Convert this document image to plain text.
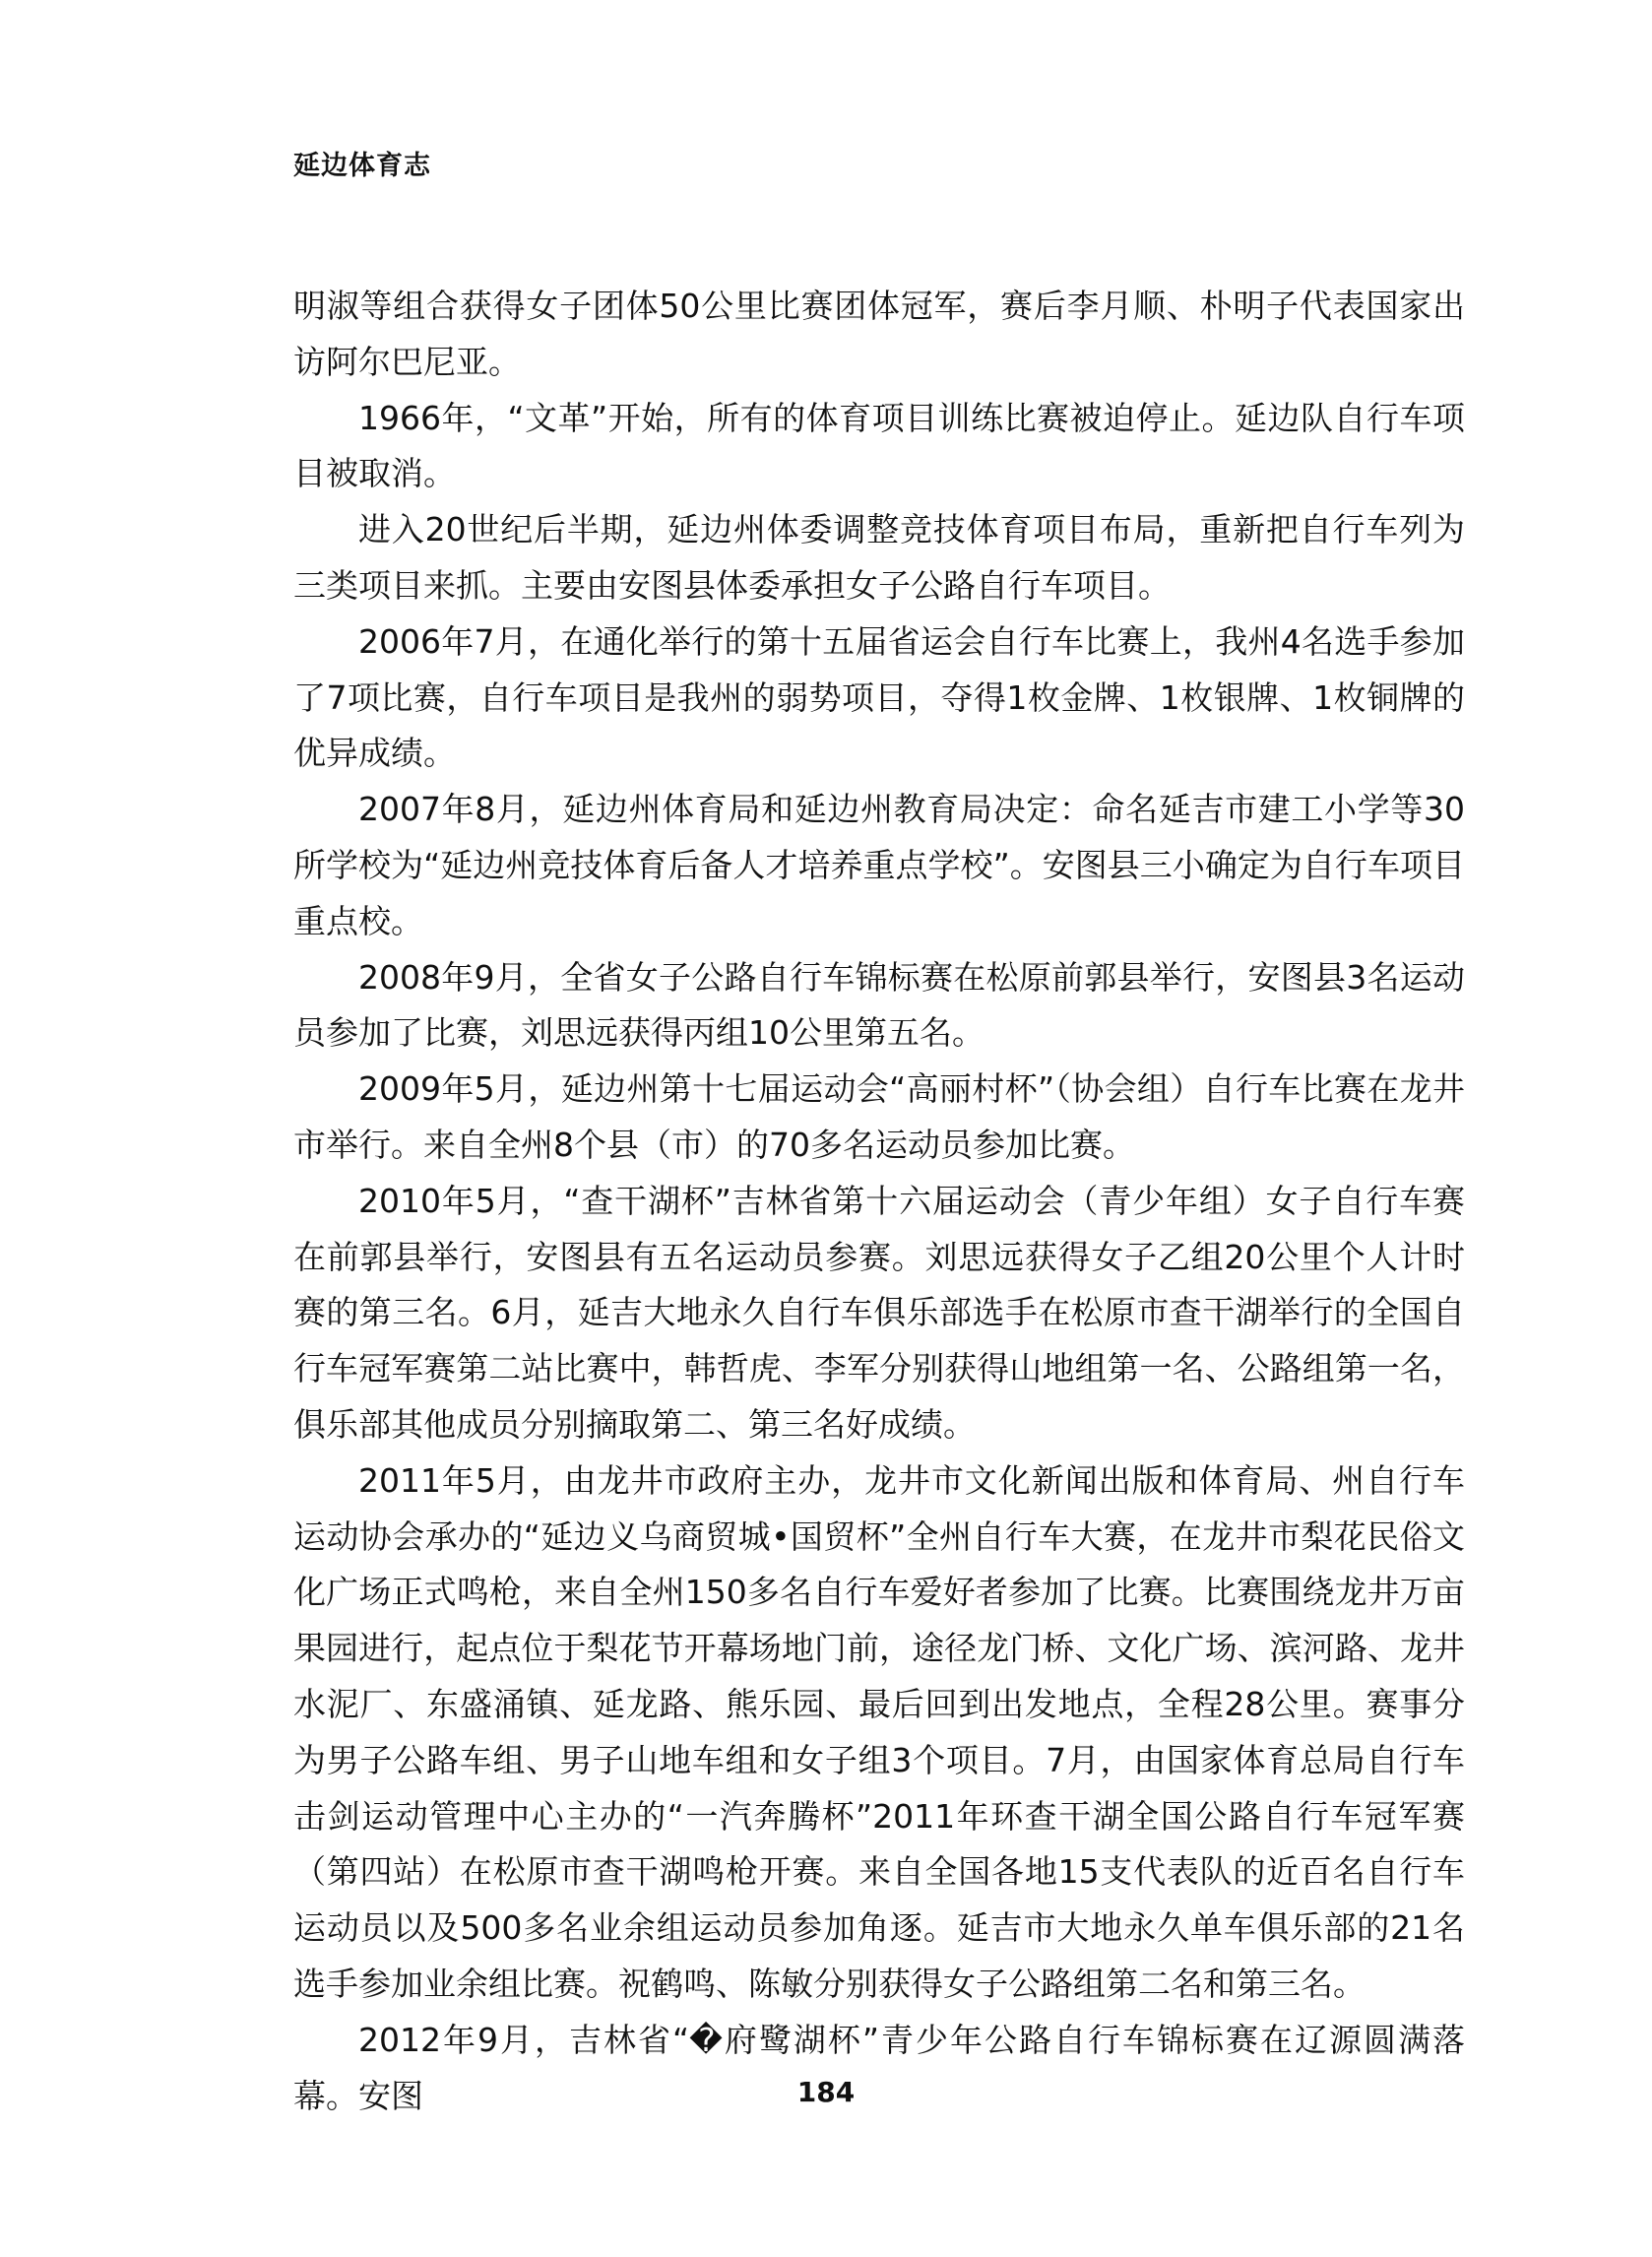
延边体育志

明淑等组合获得女子团体50公里比赛团体冠军，赛后李月顺、朴明子代表国家出访阿尔巴尼亚。

1966年，“文革”开始，所有的体育项目训练比赛被迫停止。延边队自行车项目被取消。

进入20世纪后半期，延边州体委调整竞技体育项目布局，重新把自行车列为三类项目来抓。主要由安图县体委承担女子公路自行车项目。

2006年7月，在通化举行的第十五届省运会自行车比赛上，我州4名选手参加了7项比赛，自行车项目是我州的弱势项目，夺得1枚金牌、1枚银牌、1枚铜牌的优异成绩。

2007年8月，延边州体育局和延边州教育局决定：命名延吉市建工小学等30所学校为“延边州竞技体育后备人才培养重点学校”。安图县三小确定为自行车项目重点校。

2008年9月，全省女子公路自行车锦标赛在松原前郭县举行，安图县3名运动员参加了比赛，刘思远获得丙组10公里第五名。

2009年5月，延边州第十七届运动会“高丽村杯”（协会组）自行车比赛在龙井市举行。来自全州8个县（市）的70多名运动员参加比赛。

2010年5月，“查干湖杯”吉林省第十六届运动会（青少年组）女子自行车赛在前郭县举行，安图县有五名运动员参赛。刘思远获得女子乙组20公里个人计时赛的第三名。6月，延吉大地永久自行车俱乐部选手在松原市查干湖举行的全国自行车冠军赛第二站比赛中，韩哲虎、李军分别获得山地组第一名、公路组第一名，俱乐部其他成员分别摘取第二、第三名好成绩。

2011年5月，由龙井市政府主办，龙井市文化新闻出版和体育局、州自行车运动协会承办的“延边义乌商贸城•国贸杯”全州自行车大赛，在龙井市梨花民俗文化广场正式鸣枪，来自全州150多名自行车爱好者参加了比赛。比赛围绕龙井万亩果园进行，起点位于梨花节开幕场地门前，途径龙门桥、文化广场、滨河路、龙井水泥厂、东盛涌镇、延龙路、熊乐园、最后回到出发地点，全程28公里。赛事分为男子公路车组、男子山地车组和女子组3个项目。7月，由国家体育总局自行车击剑运动管理中心主办的“一汽奔腾杯”2011年环查干湖全国公路自行车冠军赛（第四站）在松原市查干湖鸣枪开赛。来自全国各地15支代表队的近百名自行车运动员以及500多名业余组运动员参加角逐。延吉市大地永久单车俱乐部的21名选手参加业余组比赛。祝鹤鸣、陈敏分别获得女子公路组第二名和第三名。

2012年9月，吉林省“�府鹭湖杯”青少年公路自行车锦标赛在辽源圆满落幕。安图	184
